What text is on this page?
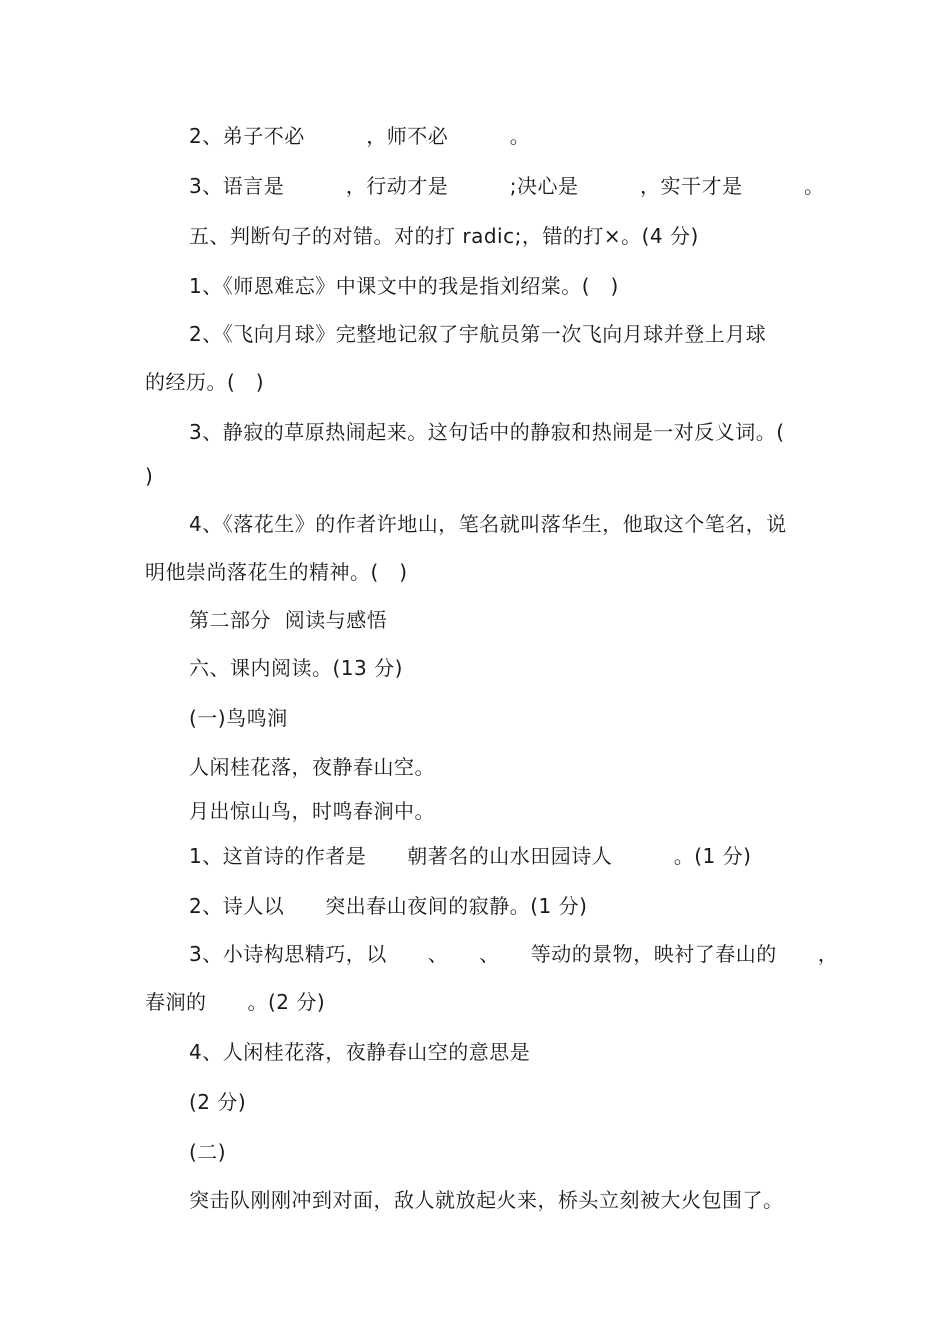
2、弟子不必　　　，师不必　　　。
3、语言是　　　，行动才是　　　;决心是　　　，实干才是　　　。
五、判断句子的对错。对的打 radic;，错的打×。(4 分)
1、《师恩难忘》中课文中的我是指刘绍棠。(　)
2、《飞向月球》完整地记叙了宇航员第一次飞向月球并登上月球
的经历。(　)
3、静寂的草原热闹起来。这句话中的静寂和热闹是一对反义词。(
)
4、《落花生》的作者许地山，笔名就叫落华生，他取这个笔名，说
明他崇尚落花生的精神。(　)
第二部分  阅读与感悟
六、课内阅读。(13 分)
(一)鸟鸣涧
人闲桂花落，夜静春山空。
月出惊山鸟，时鸣春涧中。
1、这首诗的作者是　　朝著名的山水田园诗人　　　。(1 分)
2、诗人以　　突出春山夜间的寂静。(1 分)
3、小诗构思精巧，以　　、　　、　　等动的景物，映衬了春山的　　，
春涧的　　。(2 分)
4、人闲桂花落，夜静春山空的意思是
(2 分)
(二)
突击队刚刚冲到对面，敌人就放起火来，桥头立刻被大火包围了。
